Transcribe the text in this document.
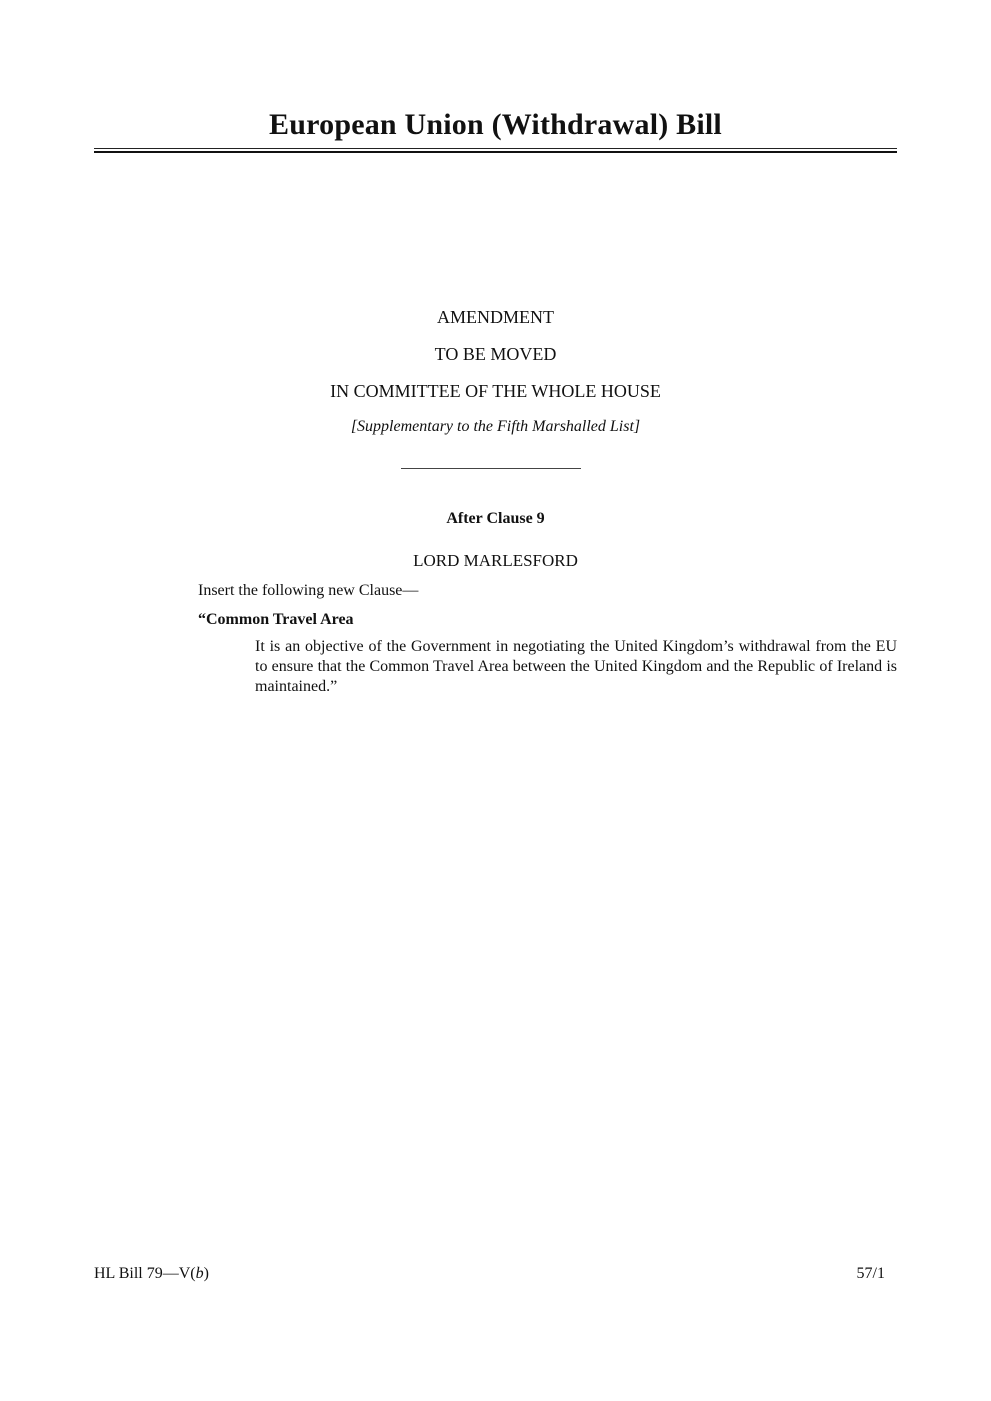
European Union (Withdrawal) Bill
AMENDMENT
TO BE MOVED
IN COMMITTEE OF THE WHOLE HOUSE
[Supplementary to the Fifth Marshalled List]
After Clause 9
LORD MARLESFORD
Insert the following new Clause—
“Common Travel Area
It is an objective of the Government in negotiating the United Kingdom’s withdrawal from the EU to ensure that the Common Travel Area between the United Kingdom and the Republic of Ireland is maintained.”
HL Bill 79—V(b)	57/1
